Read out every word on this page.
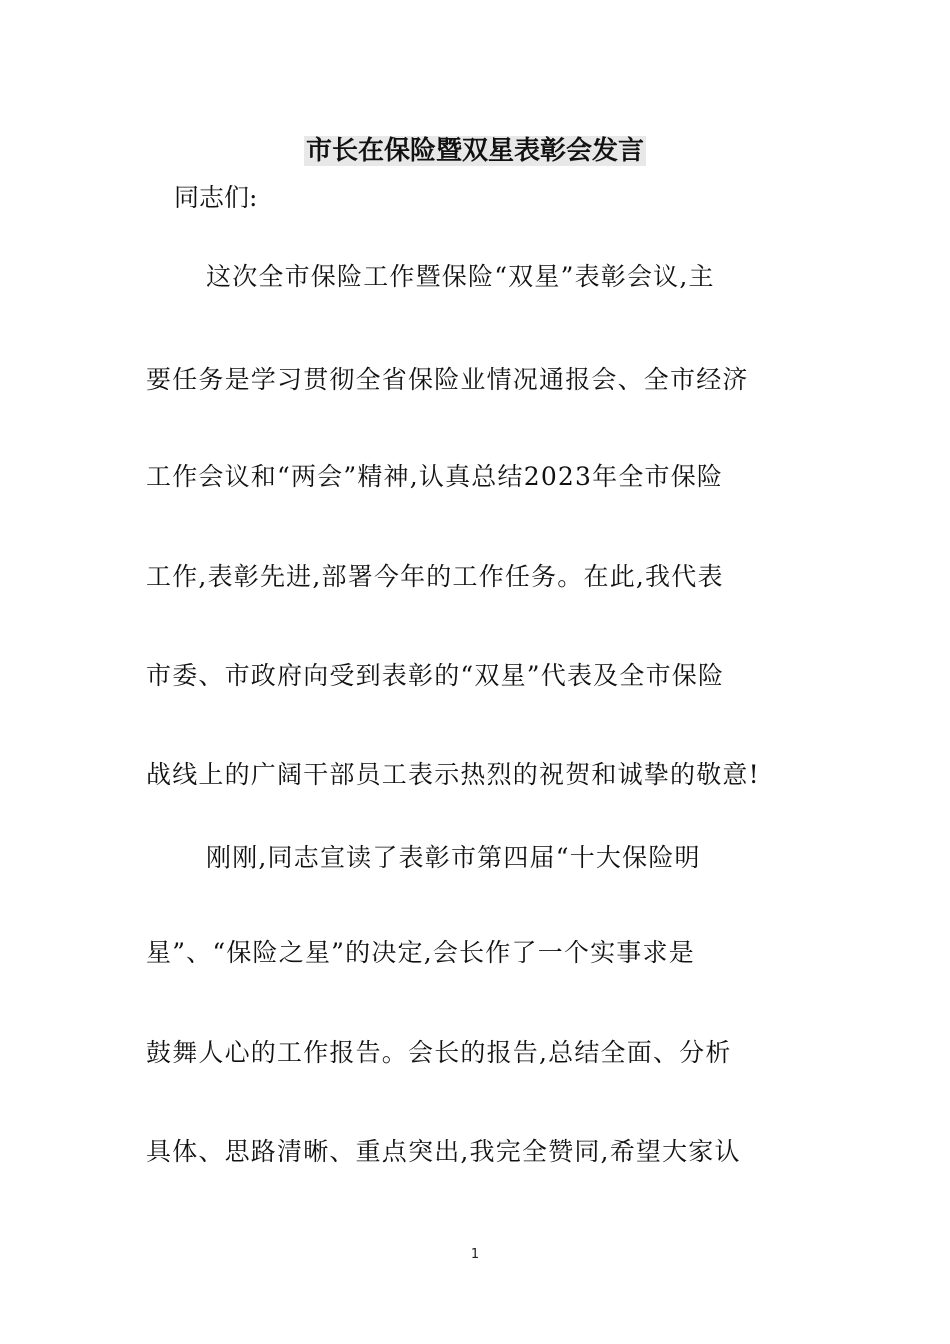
市长在保险暨双星表彰会发言

同志们:

这次全市保险工作暨保险“双星”表彰会议,主

要任务是学习贯彻全省保险业情况通报会、全市经济

工作会议和“两会”精神,认真总结2023年全市保险

工作,表彰先进,部署今年的工作任务。在此,我代表

市委、市政府向受到表彰的“双星”代表及全市保险

战线上的广阔干部员工表示热烈的祝贺和诚挚的敬意!

刚刚,同志宣读了表彰市第四届“十大保险明

星”、“保险之星”的决定,会长作了一个实事求是

鼓舞人心的工作报告。会长的报告,总结全面、分析

具体、思路清晰、重点突出,我完全赞同,希望大家认

1
